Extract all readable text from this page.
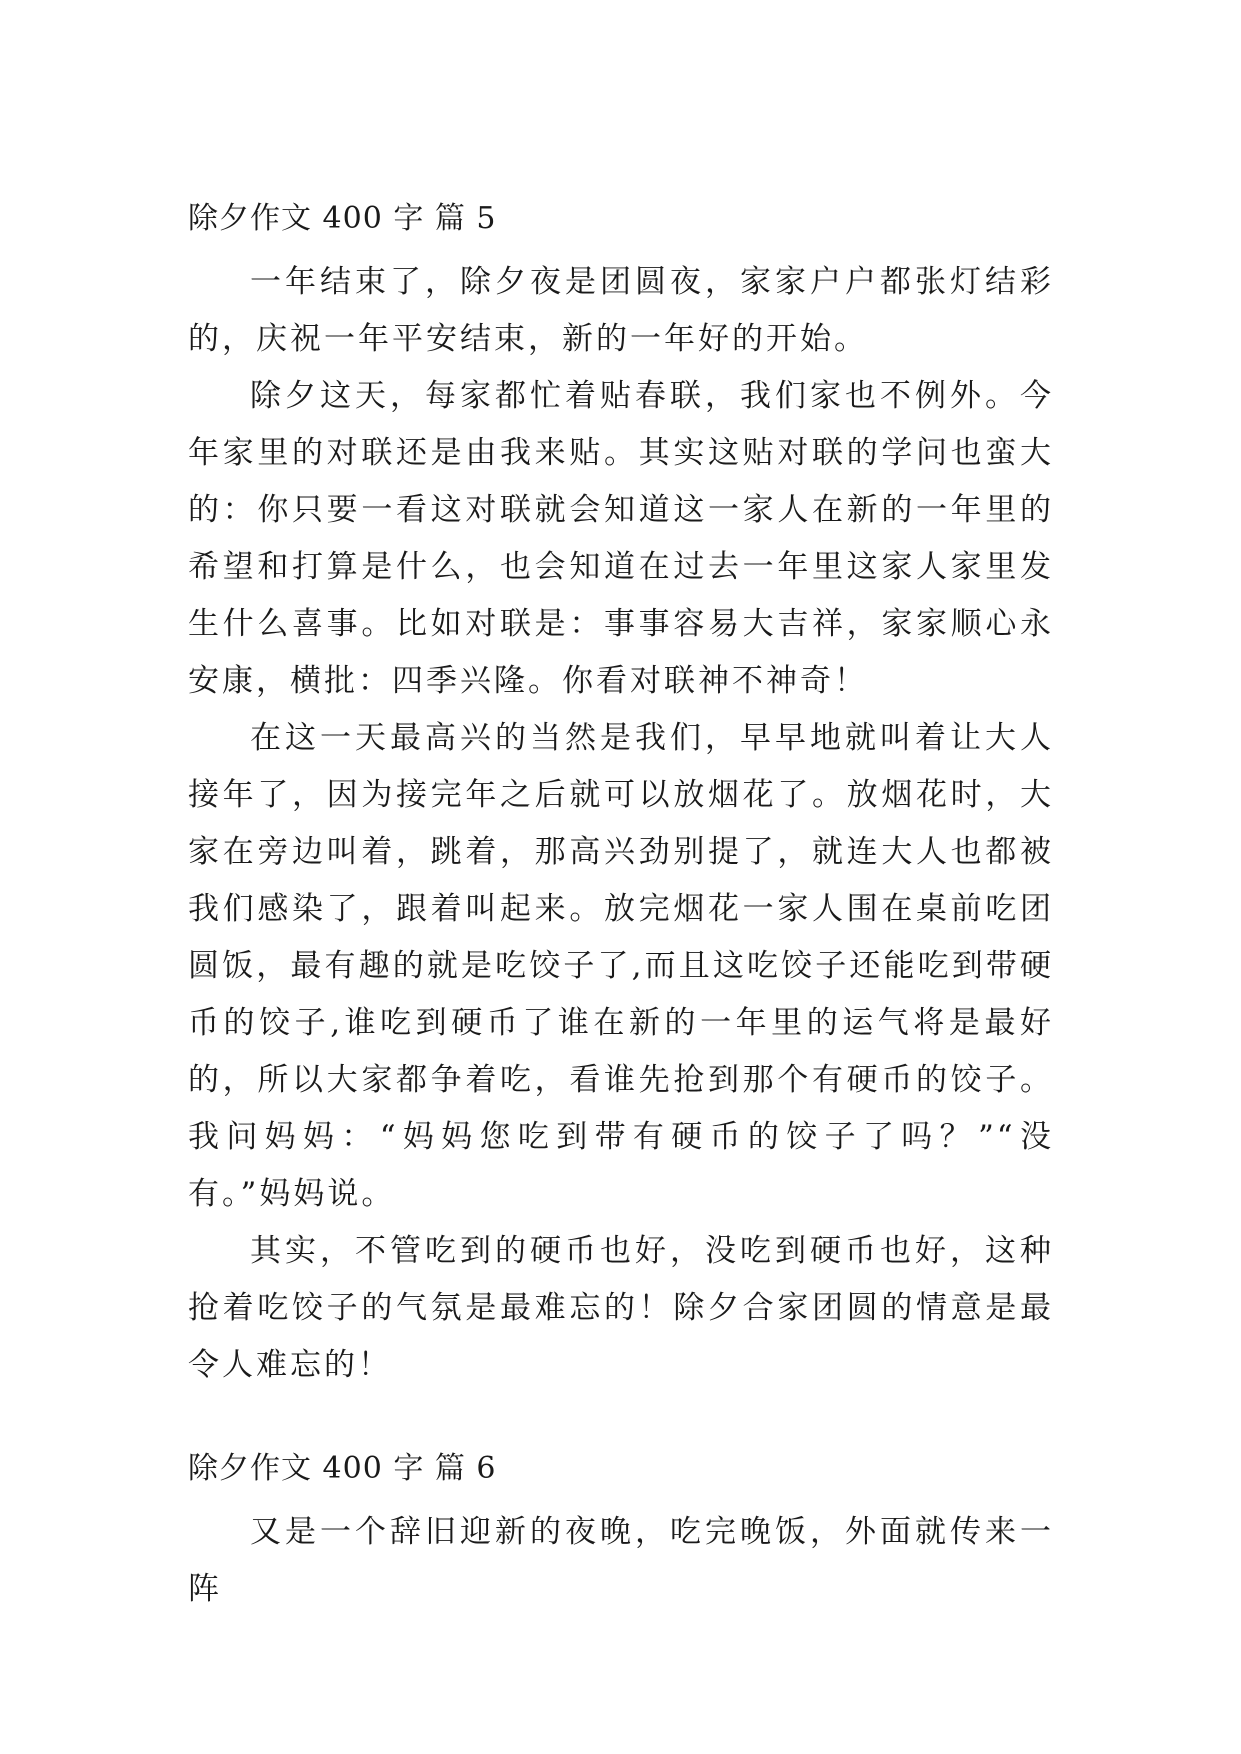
除夕作文 400 字 篇 5

一年结束了，除夕夜是团圆夜，家家户户都张灯结彩的，庆祝一年平安结束，新的一年好的开始。

除夕这天，每家都忙着贴春联，我们家也不例外。今年家里的对联还是由我来贴。其实这贴对联的学问也蛮大的：你只要一看这对联就会知道这一家人在新的一年里的希望和打算是什么，也会知道在过去一年里这家人家里发生什么喜事。比如对联是：事事容易大吉祥，家家顺心永安康，横批：四季兴隆。你看对联神不神奇！

在这一天最高兴的当然是我们，早早地就叫着让大人接年了，因为接完年之后就可以放烟花了。放烟花时，大家在旁边叫着，跳着，那高兴劲别提了，就连大人也都被我们感染了，跟着叫起来。放完烟花一家人围在桌前吃团圆饭，最有趣的就是吃饺子了,而且这吃饺子还能吃到带硬币的饺子,谁吃到硬币了谁在新的一年里的运气将是最好的，所以大家都争着吃，看谁先抢到那个有硬币的饺子。我问妈妈：“妈妈您吃到带有硬币的饺子了吗？”“没有。”妈妈说。

其实，不管吃到的硬币也好，没吃到硬币也好，这种抢着吃饺子的气氛是最难忘的！除夕合家团圆的情意是最令人难忘的！

除夕作文 400 字 篇 6

又是一个辞旧迎新的夜晚，吃完晚饭，外面就传来一阵
